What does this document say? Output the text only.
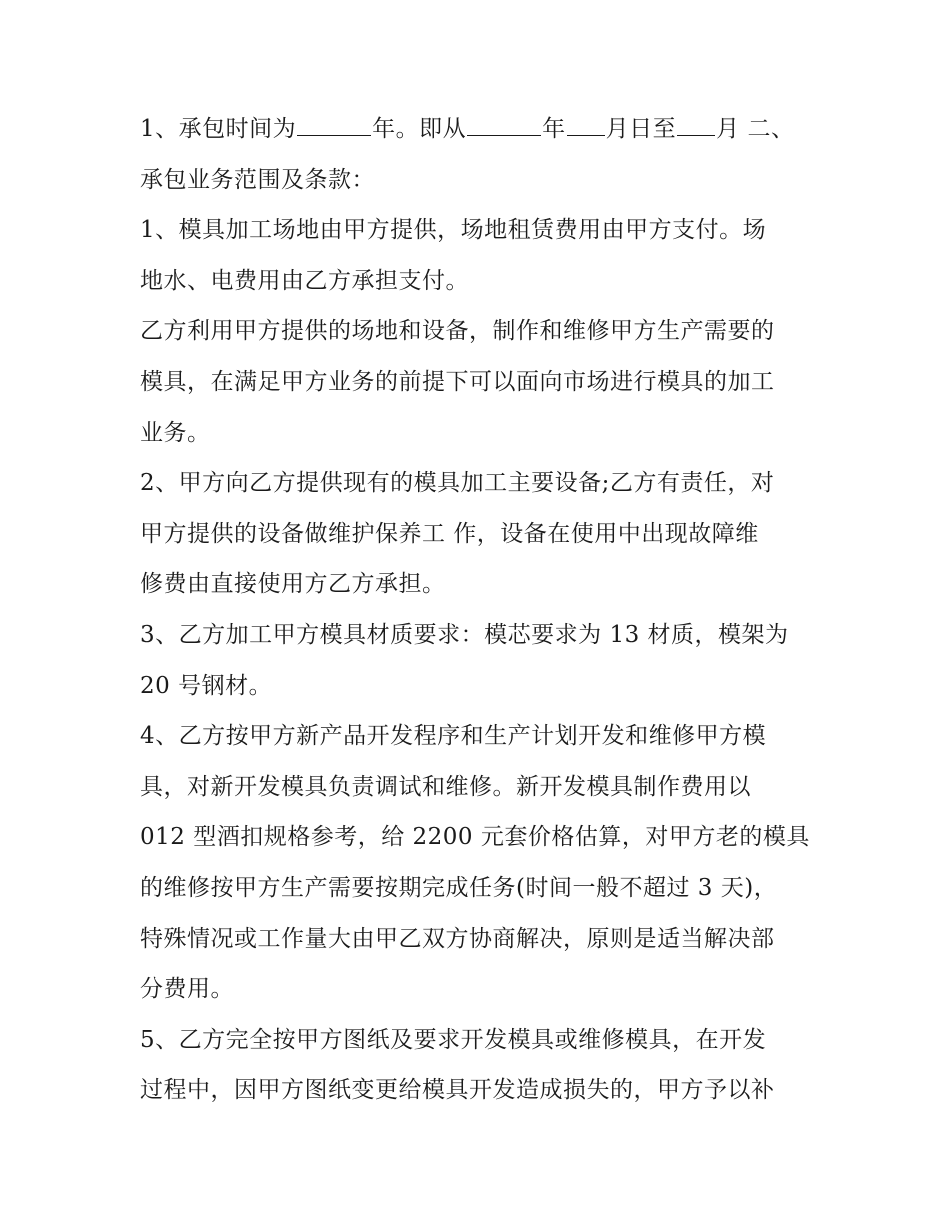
1、承包时间为	年。即从	年 月日至 月 二、
承包业务范围及条款：
1、模具加工场地由甲方提供，场地租赁费用由甲方支付。场
地水、电费用由乙方承担支付。
乙方利用甲方提供的场地和设备，制作和维修甲方生产需要的
模具，在满足甲方业务的前提下可以面向市场进行模具的加工
业务。
2、甲方向乙方提供现有的模具加工主要设备;乙方有责任，对
甲方提供的设备做维护保养工 作，设备在使用中出现故障维
修费由直接使用方乙方承担。
3、乙方加工甲方模具材质要求：模芯要求为 13 材质，模架为
20 号钢材。
4、乙方按甲方新产品开发程序和生产计划开发和维修甲方模
具，对新开发模具负责调试和维修。新开发模具制作费用以
012 型酒扣规格参考，给 2200 元套价格估算，对甲方老的模具
的维修按甲方生产需要按期完成任务(时间一般不超过 3 天)，
特殊情况或工作量大由甲乙双方协商解决，原则是适当解决部
分费用。
5、乙方完全按甲方图纸及要求开发模具或维修模具，在开发
过程中，因甲方图纸变更给模具开发造成损失的，甲方予以补
